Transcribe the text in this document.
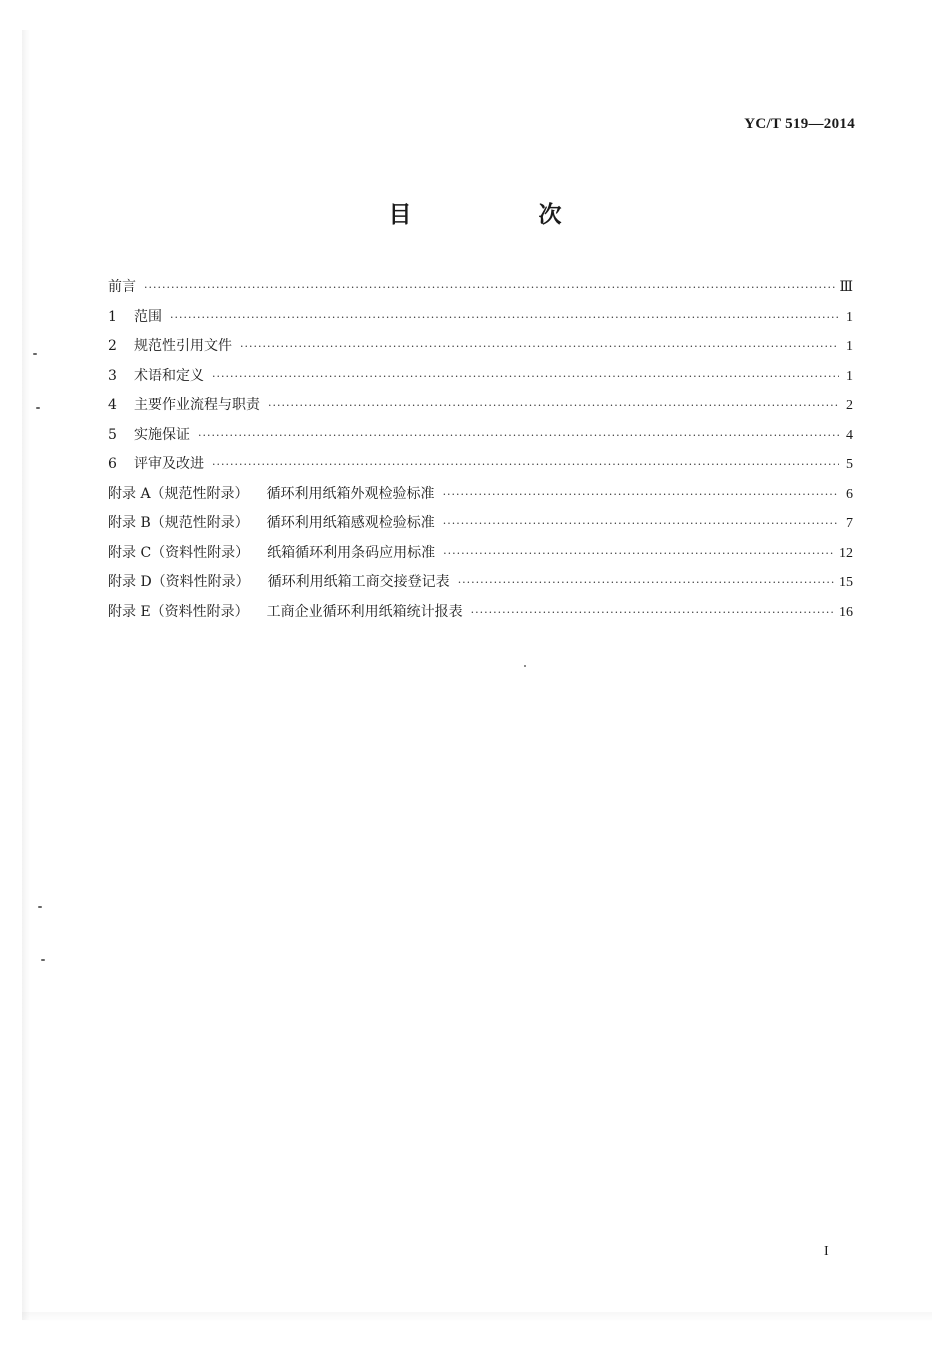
YC/T 519—2014
目　次
前言 ·····	Ⅲ
1	范围 ·····	1
2	规范性引用文件 ·····	1
3	术语和定义 ·····	1
4	主要作业流程与职责 ·····	2
5	实施保证 ·····	4
6	评审及改进 ·····	5
附录 A（规范性附录） 循环利用纸箱外观检验标准 ·····	6
附录 B（规范性附录） 循环利用纸箱感观检验标准 ·····	7
附录 C（资料性附录） 纸箱循环利用条码应用标准 ·····	12
附录 D（资料性附录） 循环利用纸箱工商交接登记表 ·····	15
附录 E（资料性附录） 工商企业循环利用纸箱统计报表 ·····	16
I
